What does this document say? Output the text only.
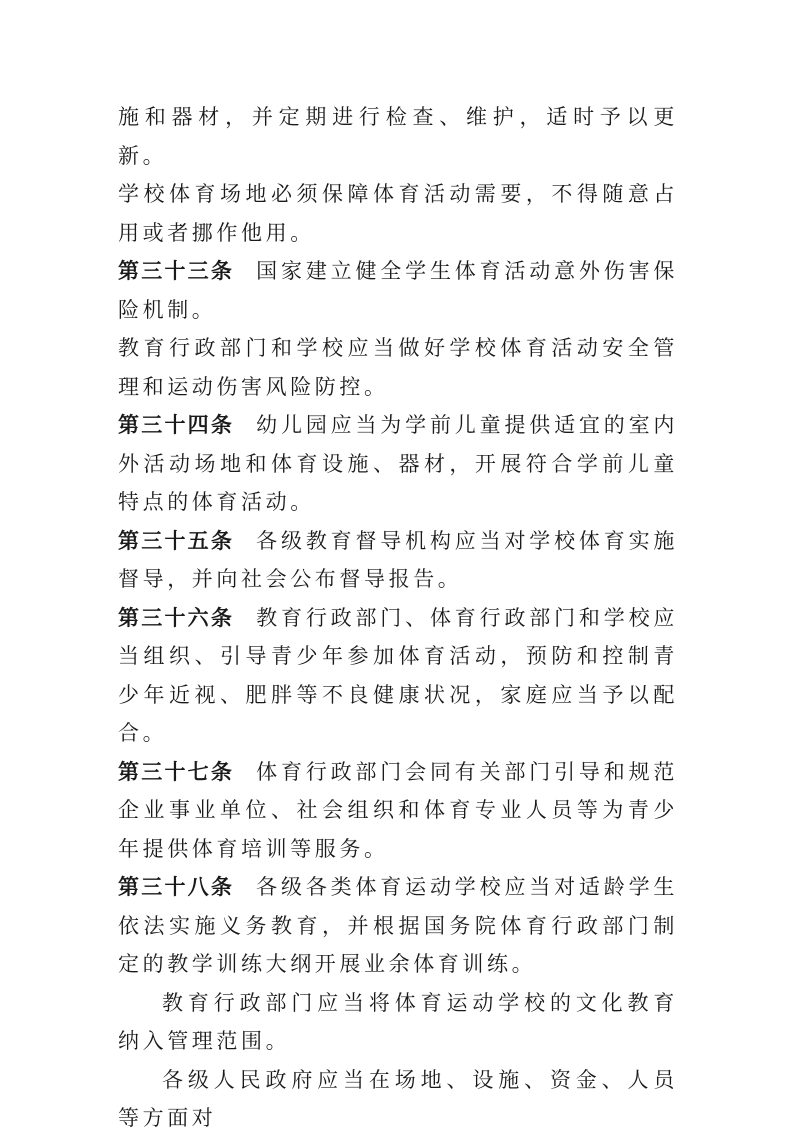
施和器材，并定期进行检查、维护，适时予以更新。

学校体育场地必须保障体育活动需要，不得随意占用或者挪作他用。

第三十三条 国家建立健全学生体育活动意外伤害保险机制。

教育行政部门和学校应当做好学校体育活动安全管理和运动伤害风险防控。

第三十四条 幼儿园应当为学前儿童提供适宜的室内外活动场地和体育设施、器材，开展符合学前儿童特点的体育活动。

第三十五条 各级教育督导机构应当对学校体育实施督导，并向社会公布督导报告。

第三十六条 教育行政部门、体育行政部门和学校应当组织、引导青少年参加体育活动，预防和控制青少年近视、肥胖等不良健康状况，家庭应当予以配合。

第三十七条 体育行政部门会同有关部门引导和规范企业事业单位、社会组织和体育专业人员等为青少年提供体育培训等服务。

第三十八条 各级各类体育运动学校应当对适龄学生依法实施义务教育，并根据国务院体育行政部门制定的教学训练大纲开展业余体育训练。

教育行政部门应当将体育运动学校的文化教育纳入管理范围。

各级人民政府应当在场地、设施、资金、人员等方面对
